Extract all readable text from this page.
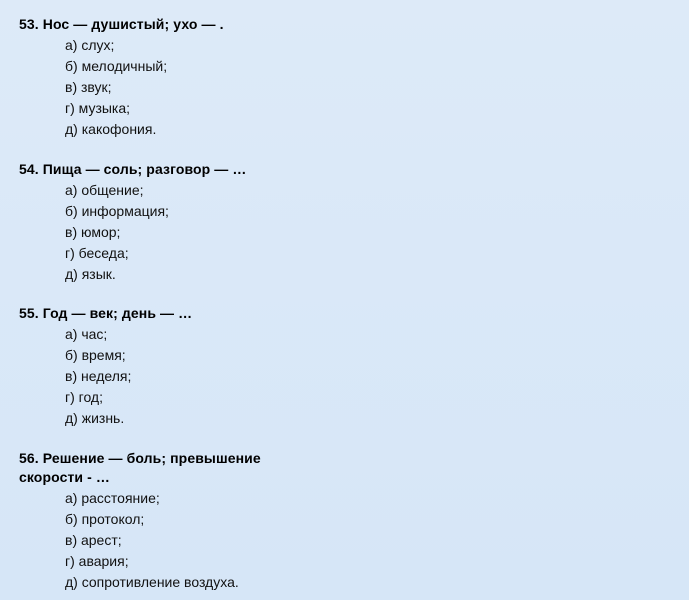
53. Нос — душистый; ухо — .

а) слух;
б) мелодичный;
в) звук;
г) музыка;
д) какофония.

54. Пища — соль; разговор — …

а) общение;
б) информация;
в) юмор;
г) беседа;
д) язык.

55. Год — век; день — …

а) час;
б) время;
в) неделя;
г) год;
д) жизнь.

56. Решение — боль; превышение скорости - …

а) расстояние;
б) протокол;
в) арест;
г) авария;
д) сопротивление воздуха.
